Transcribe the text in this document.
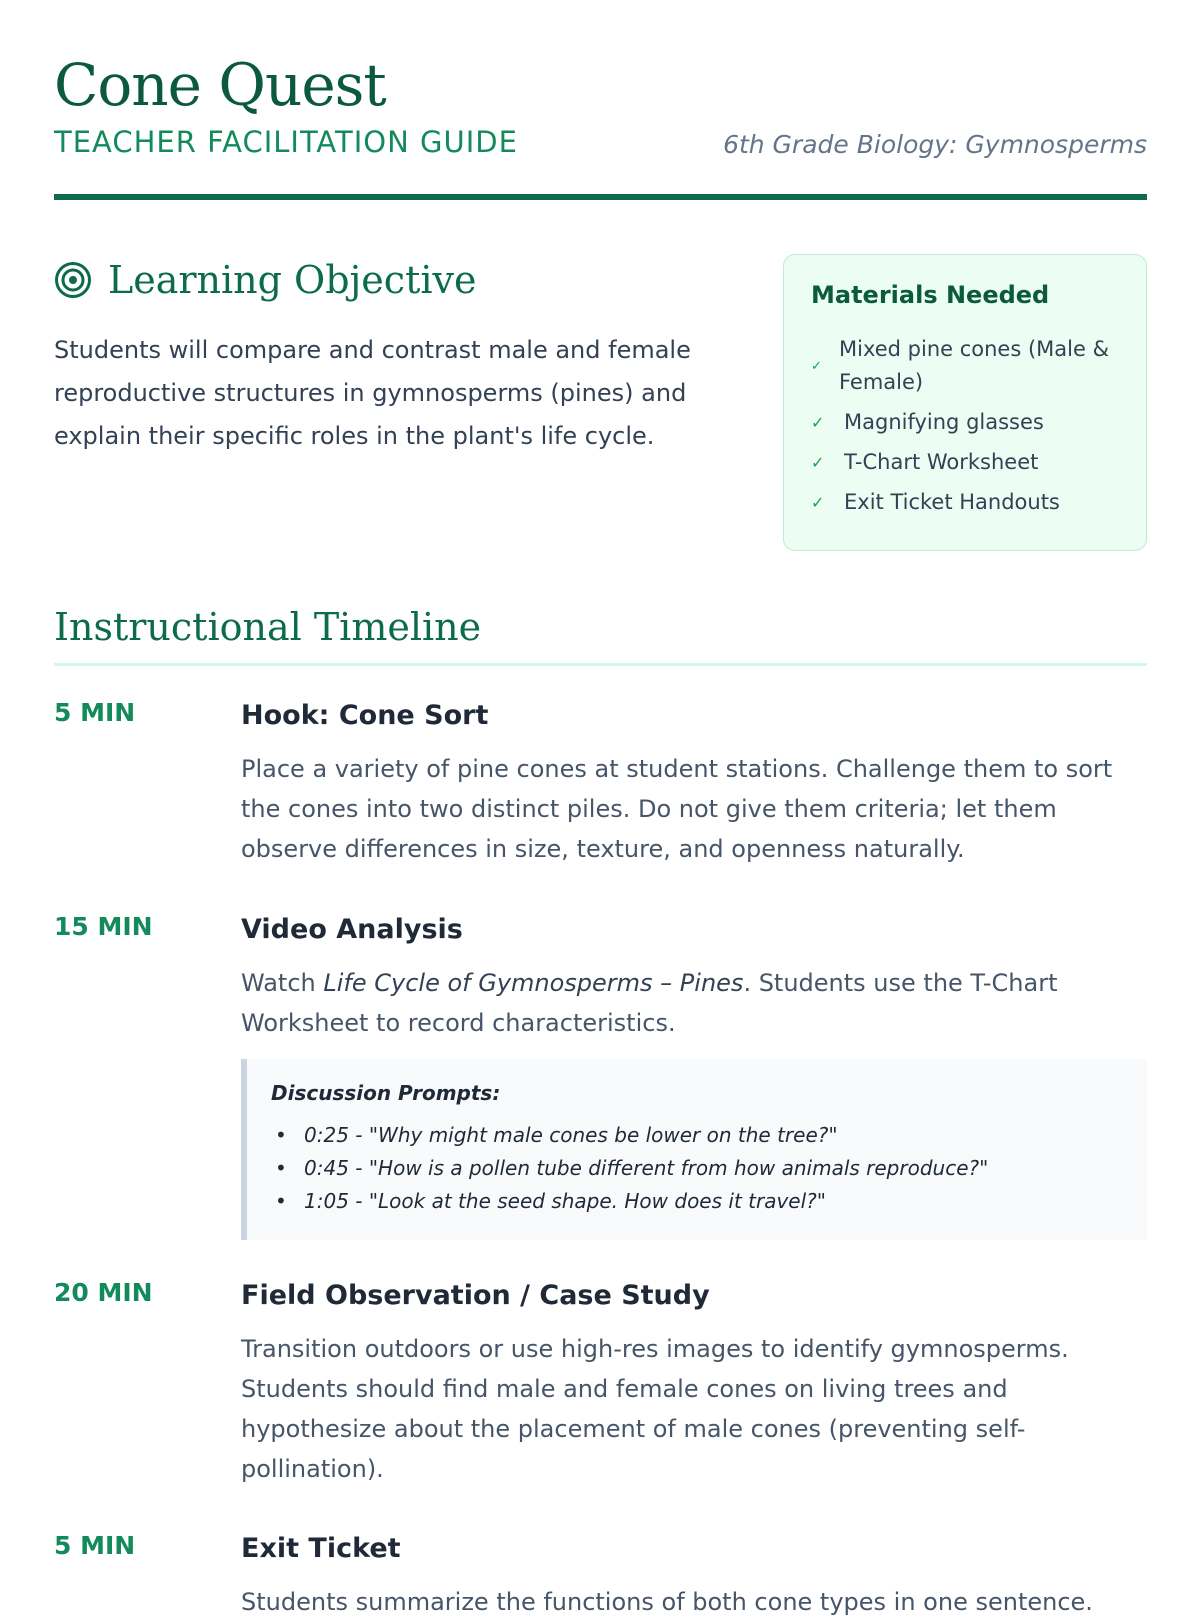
Cone Quest
TEACHER FACILITATION GUIDE	6th Grade Biology: Gymnosperms
Learning Objective

Students will compare and contrast male and female reproductive structures in gymnosperms (pines) and explain their specific roles in the plant's life cycle.

Materials Needed
✓
Mixed pine cones (Male & Female)
✓ Magnifying glasses
✓ T-Chart Worksheet
✓ Exit Ticket Handouts
Instructional Timeline
5 MIN	Hook: Cone Sort

Place a variety of pine cones at student stations. Challenge them to sort the cones into two distinct piles. Do not give them criteria; let them observe differences in size, texture, and openness naturally.

15 MIN	Video Analysis

Watch Life Cycle of Gymnosperms – Pines. Students use the T-Chart Worksheet to record characteristics.

Discussion Prompts:
• 0:25 - "Why might male cones be lower on the tree?"
• 0:45 - "How is a pollen tube different from how animals reproduce?"
• 1:05 - "Look at the seed shape. How does it travel?"
20 MIN	Field Observation / Case Study

Transition outdoors or use high-res images to identify gymnosperms. Students should find male and female cones on living trees and hypothesize about the placement of male cones (preventing self-pollination).

5 MIN	Exit Ticket

Students summarize the functions of both cone types in one sentence.
